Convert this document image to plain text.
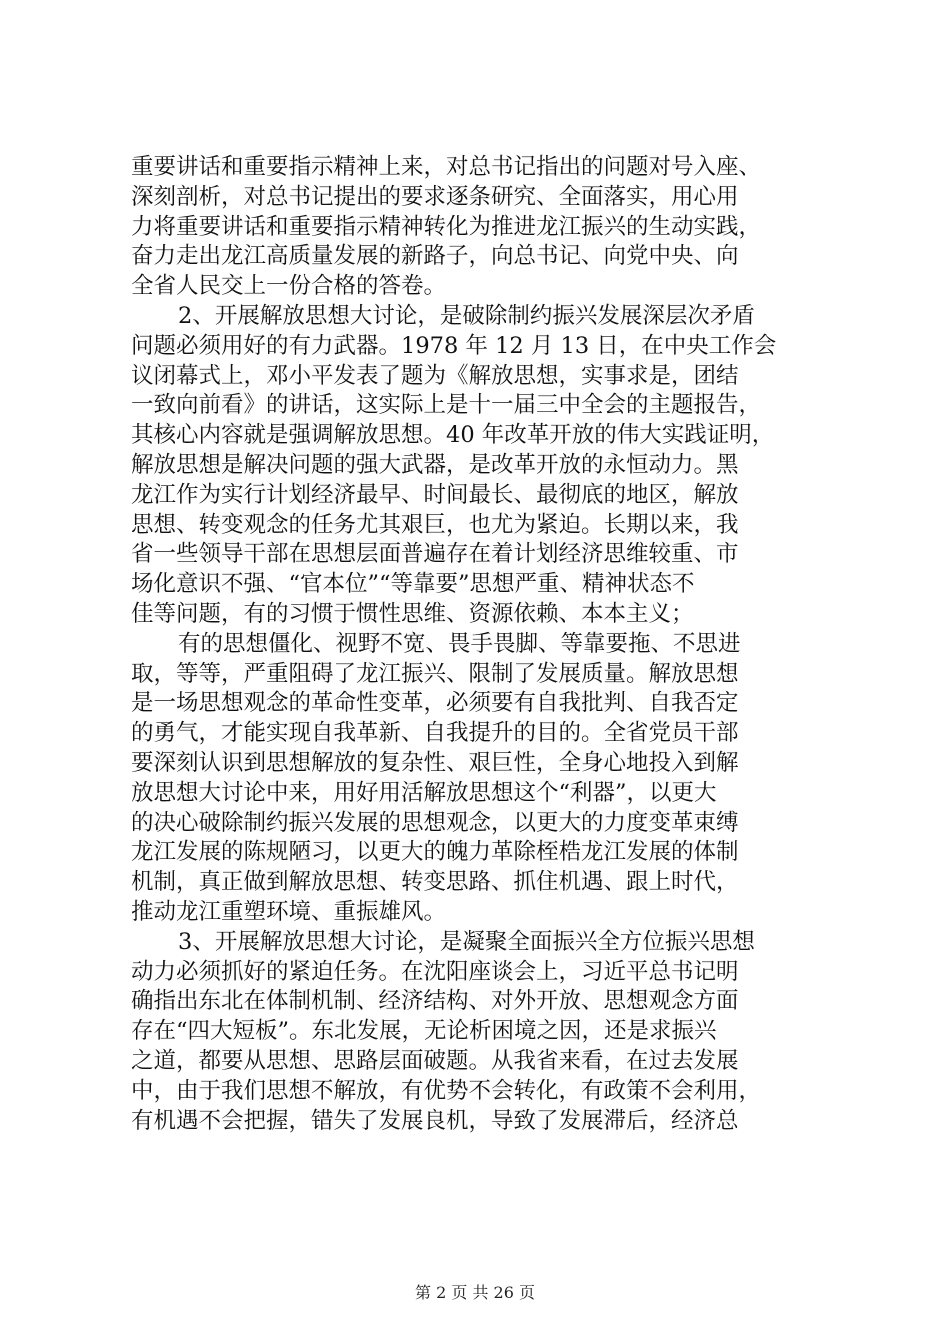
重要讲话和重要指示精神上来，对总书记指出的问题对号入座、
深刻剖析，对总书记提出的要求逐条研究、全面落实，用心用
力将重要讲话和重要指示精神转化为推进龙江振兴的生动实践，
奋力走出龙江高质量发展的新路子，向总书记、向党中央、向
全省人民交上一份合格的答卷。
2、开展解放思想大讨论，是破除制约振兴发展深层次矛盾
问题必须用好的有力武器。1978 年 12 月 13 日，在中央工作会
议闭幕式上，邓小平发表了题为《解放思想，实事求是，团结
一致向前看》的讲话，这实际上是十一届三中全会的主题报告，
其核心内容就是强调解放思想。40 年改革开放的伟大实践证明，
解放思想是解决问题的强大武器，是改革开放的永恒动力。黑
龙江作为实行计划经济最早、时间最长、最彻底的地区，解放
思想、转变观念的任务尤其艰巨，也尤为紧迫。长期以来，我
省一些领导干部在思想层面普遍存在着计划经济思维较重、市
场化意识不强、“官本位”“等靠要”思想严重、精神状态不
佳等问题，有的习惯于惯性思维、资源依赖、本本主义；
有的思想僵化、视野不宽、畏手畏脚、等靠要拖、不思进
取，等等，严重阻碍了龙江振兴、限制了发展质量。解放思想
是一场思想观念的革命性变革，必须要有自我批判、自我否定
的勇气，才能实现自我革新、自我提升的目的。全省党员干部
要深刻认识到思想解放的复杂性、艰巨性，全身心地投入到解
放思想大讨论中来，用好用活解放思想这个“利器”，以更大
的决心破除制约振兴发展的思想观念，以更大的力度变革束缚
龙江发展的陈规陋习，以更大的魄力革除桎梏龙江发展的体制
机制，真正做到解放思想、转变思路、抓住机遇、跟上时代，
推动龙江重塑环境、重振雄风。
3、开展解放思想大讨论，是凝聚全面振兴全方位振兴思想
动力必须抓好的紧迫任务。在沈阳座谈会上，习近平总书记明
确指出东北在体制机制、经济结构、对外开放、思想观念方面
存在“四大短板”。东北发展，无论析困境之因，还是求振兴
之道，都要从思想、思路层面破题。从我省来看，在过去发展
中，由于我们思想不解放，有优势不会转化，有政策不会利用，
有机遇不会把握，错失了发展良机，导致了发展滞后，经济总
第 2 页 共 26 页
